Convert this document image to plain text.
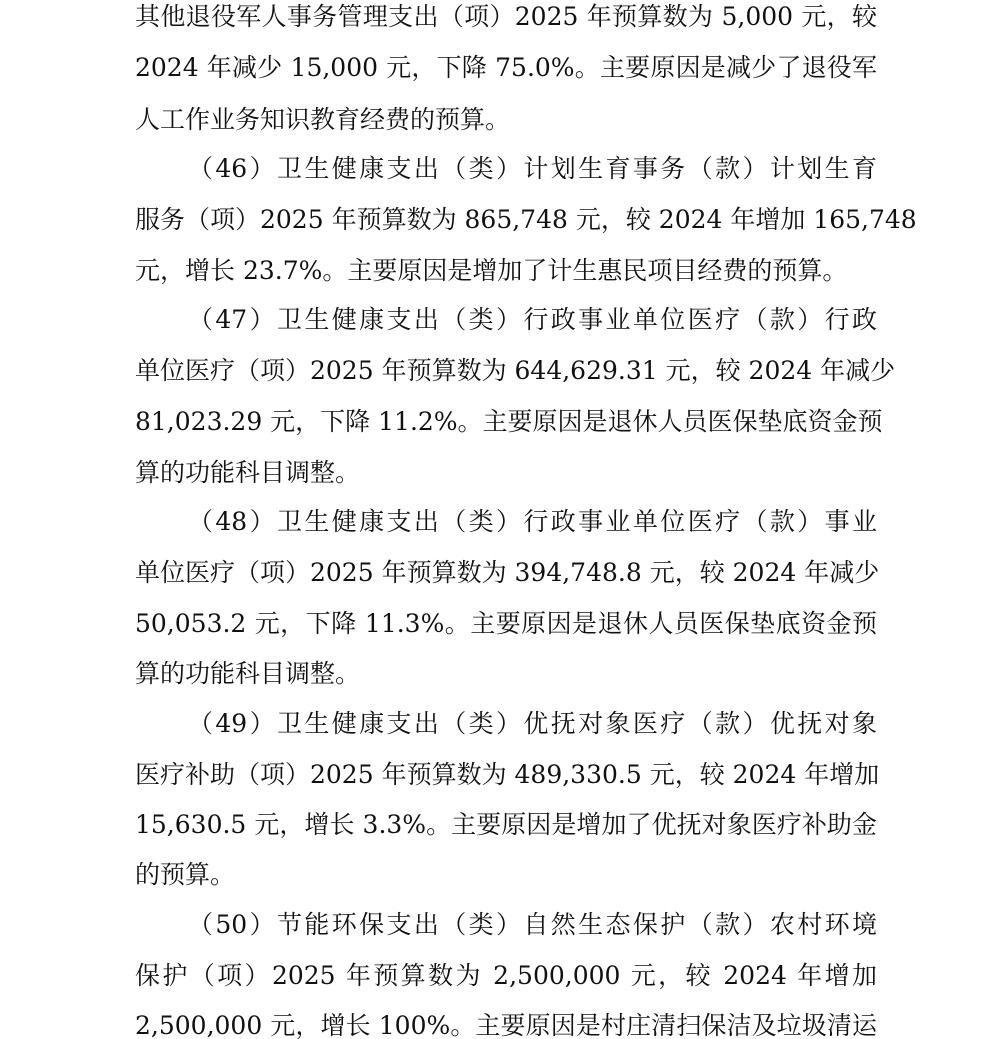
其他退役军人事务管理支出（项）2025 年预算数为 5,000 元，较
2024 年减少 15,000 元，下降 75.0%。主要原因是减少了退役军
人工作业务知识教育经费的预算。
（46）卫生健康支出（类）计划生育事务（款）计划生育
服务（项）2025 年预算数为 865,748 元，较 2024 年增加 165,748
元，增长 23.7%。主要原因是增加了计生惠民项目经费的预算。
（47）卫生健康支出（类）行政事业单位医疗（款）行政
单位医疗（项）2025 年预算数为 644,629.31 元，较 2024 年减少
81,023.29 元，下降 11.2%。主要原因是退休人员医保垫底资金预
算的功能科目调整。
（48）卫生健康支出（类）行政事业单位医疗（款）事业
单位医疗（项）2025 年预算数为 394,748.8 元，较 2024 年减少
50,053.2 元，下降 11.3%。主要原因是退休人员医保垫底资金预
算的功能科目调整。
（49）卫生健康支出（类）优抚对象医疗（款）优抚对象
医疗补助（项）2025 年预算数为 489,330.5 元，较 2024 年增加
15,630.5 元，增长 3.3%。主要原因是增加了优抚对象医疗补助金
的预算。
（50）节能环保支出（类）自然生态保护（款）农村环境
保护（项）2025 年预算数为 2,500,000 元，较 2024 年增加
2,500,000 元，增长 100%。主要原因是村庄清扫保洁及垃圾清运
